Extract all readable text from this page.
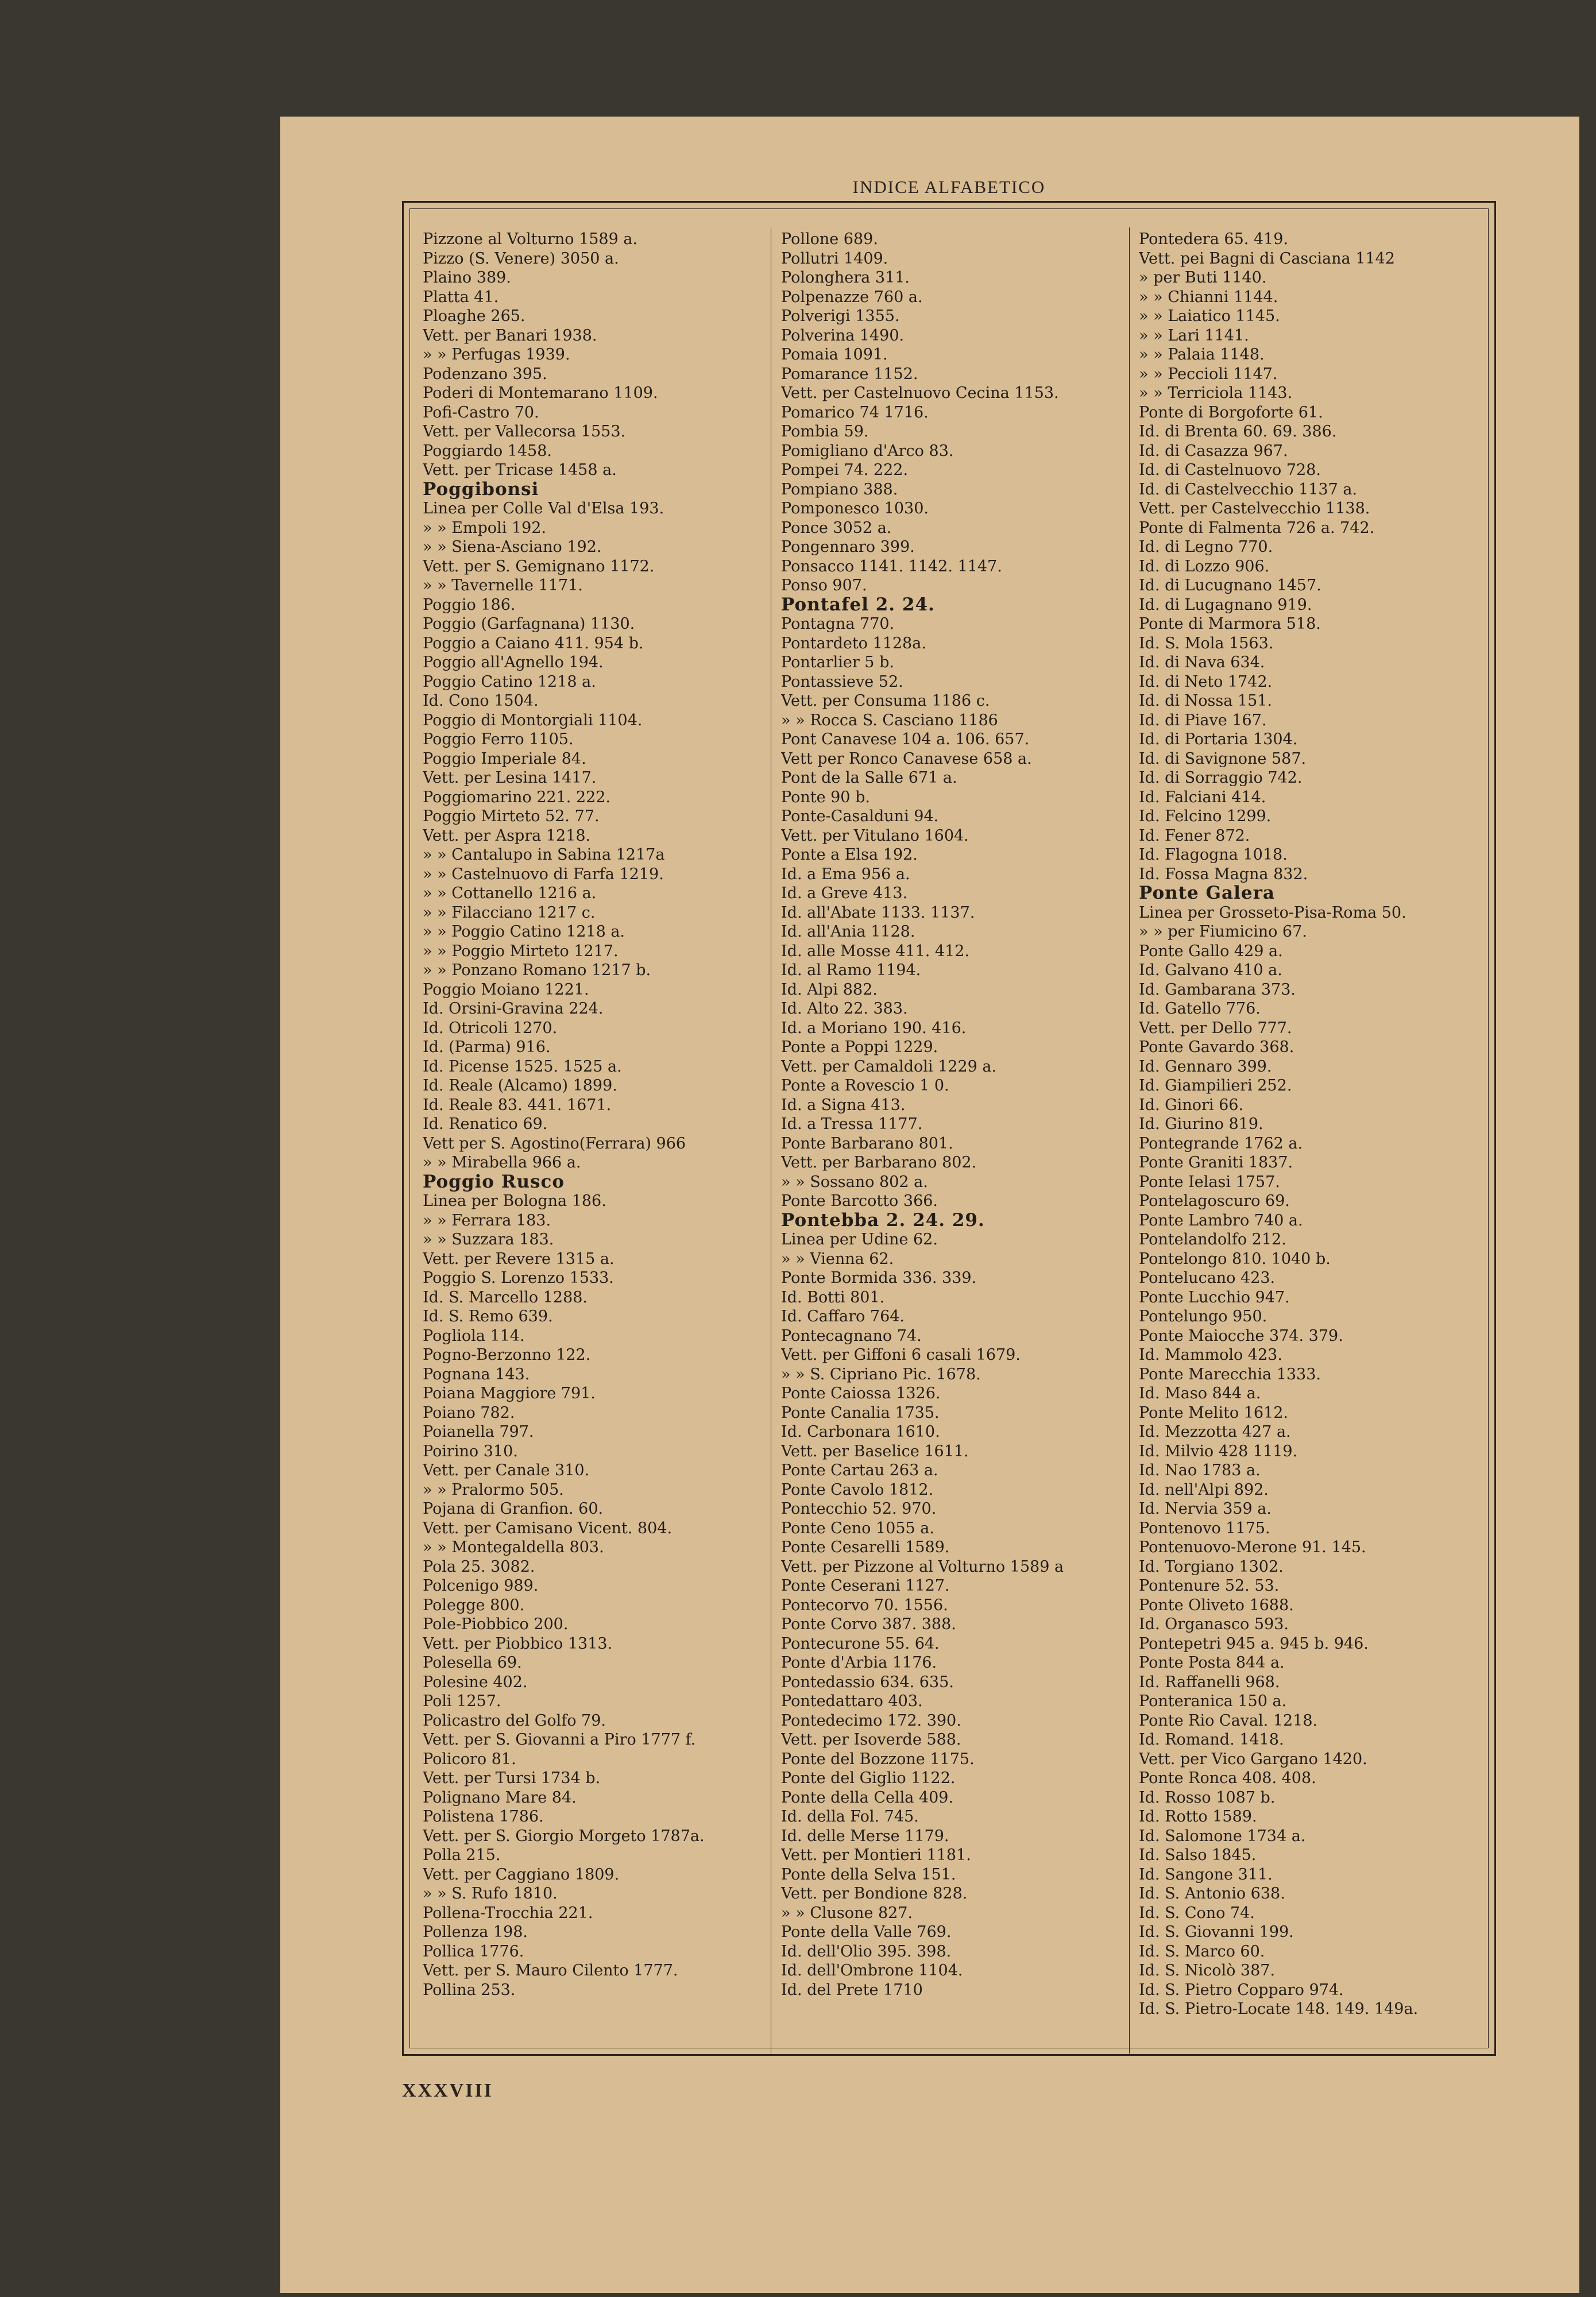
INDICE ALFABETICO
Pizzone al Volturno 1589 a.
Pizzo (S. Venere) 3050 a.
Plaino 389.
Platta 41.
Ploaghe 265.
Vett. per Banari 1938.
» » Perfugas 1939.
Podenzano 395.
Poderi di Montemarano 1109.
Pofi-Castro 70.
Vett. per Vallecorsa 1553.
Poggiardo 1458.
Vett. per Tricase 1458 a.
Poggibonsi
Linea per Colle Val d'Elsa 193.
» » Empoli 192.
» » Siena-Asciano 192.
Vett. per S. Gemignano 1172.
» » Tavernelle 1171.
Poggio 186.
Poggio (Garfagnana) 1130.
Poggio a Caiano 411. 954 b.
Poggio all'Agnello 194.
Poggio Catino 1218 a.
Id. Cono 1504.
Poggio di Montorgiali 1104.
Poggio Ferro 1105.
Poggio Imperiale 84.
Vett. per Lesina 1417.
Poggiomarino 221. 222.
Poggio Mirteto 52. 77.
Vett. per Aspra 1218.
» » Cantalupo in Sabina 1217a
» » Castelnuovo di Farfa 1219.
» » Cottanello 1216 a.
» » Filacciano 1217 c.
» » Poggio Catino 1218 a.
» » Poggio Mirteto 1217.
» » Ponzano Romano 1217 b.
Poggio Moiano 1221.
Id. Orsini-Gravina 224.
Id. Otricoli 1270.
Id. (Parma) 916.
Id. Picense 1525. 1525 a.
Id. Reale (Alcamo) 1899.
Id. Reale 83. 441. 1671.
Id. Renatico 69.
Vett per S. Agostino(Ferrara) 966
» » Mirabella 966 a.
Poggio Rusco
Linea per Bologna 186.
» » Ferrara 183.
» » Suzzara 183.
Vett. per Revere 1315 a.
Poggio S. Lorenzo 1533.
Id. S. Marcello 1288.
Id. S. Remo 639.
Pogliola 114.
Pogno-Berzonno 122.
Pognana 143.
Poiana Maggiore 791.
Poiano 782.
Poianella 797.
Poirino 310.
Vett. per Canale 310.
» » Pralormo 505.
Pojana di Granfion. 60.
Vett. per Camisano Vicent. 804.
» » Montegaldella 803.
Pola 25. 3082.
Polcenigo 989.
Polegge 800.
Pole-Piobbico 200.
Vett. per Piobbico 1313.
Polesella 69.
Polesine 402.
Poli 1257.
Policastro del Golfo 79.
Vett. per S. Giovanni a Piro 1777 f.
Policoro 81.
Vett. per Tursi 1734 b.
Polignano Mare 84.
Polistena 1786.
Vett. per S. Giorgio Morgeto 1787a.
Polla 215.
Vett. per Caggiano 1809.
» » S. Rufo 1810.
Pollena-Trocchia 221.
Pollenza 198.
Pollica 1776.
Vett. per S. Mauro Cilento 1777.
Pollina 253.
Pollone 689.
Pollutri 1409.
Polonghera 311.
Polpenazze 760 a.
Polverigi 1355.
Polverina 1490.
Pomaia 1091.
Pomarance 1152.
Vett. per Castelnuovo Cecina 1153.
Pomarico 74 1716.
Pombia 59.
Pomigliano d'Arco 83.
Pompei 74. 222.
Pompiano 388.
Pomponesco 1030.
Ponce 3052 a.
Pongennaro 399.
Ponsacco 1141. 1142. 1147.
Ponso 907.
Pontafel 2. 24.
Pontagna 770.
Pontardeto 1128a.
Pontarlier 5 b.
Pontassieve 52.
Vett. per Consuma 1186 c.
» » Rocca S. Casciano 1186
Pont Canavese 104 a. 106. 657.
Vett per Ronco Canavese 658 a.
Pont de la Salle 671 a.
Ponte 90 b.
Ponte-Casalduni 94.
Vett. per Vitulano 1604.
Ponte a Elsa 192.
Id. a Ema 956 a.
Id. a Greve 413.
Id. all'Abate 1133. 1137.
Id. all'Ania 1128.
Id. alle Mosse 411. 412.
Id. al Ramo 1194.
Id. Alpi 882.
Id. Alto 22. 383.
Id. a Moriano 190. 416.
Ponte a Poppi 1229.
Vett. per Camaldoli 1229 a.
Ponte a Rovescio 1 0.
Id. a Signa 413.
Id. a Tressa 1177.
Ponte Barbarano 801.
Vett. per Barbarano 802.
» » Sossano 802 a.
Ponte Barcotto 366.
Pontebba 2. 24. 29.
Linea per Udine 62.
» » Vienna 62.
Ponte Bormida 336. 339.
Id. Botti 801.
Id. Caffaro 764.
Pontecagnano 74.
Vett. per Giffoni 6 casali 1679.
» » S. Cipriano Pic. 1678.
Ponte Caiossa 1326.
Ponte Canalia 1735.
Id. Carbonara 1610.
Vett. per Baselice 1611.
Ponte Cartau 263 a.
Ponte Cavolo 1812.
Pontecchio 52. 970.
Ponte Ceno 1055 a.
Ponte Cesarelli 1589.
Vett. per Pizzone al Volturno 1589 a
Ponte Ceserani 1127.
Pontecorvo 70. 1556.
Ponte Corvo 387. 388.
Pontecurone 55. 64.
Ponte d'Arbia 1176.
Pontedassio 634. 635.
Pontedattaro 403.
Pontedecimo 172. 390.
Vett. per Isoverde 588.
Ponte del Bozzone 1175.
Ponte del Giglio 1122.
Ponte della Cella 409.
Id. della Fol. 745.
Id. delle Merse 1179.
Vett. per Montieri 1181.
Ponte della Selva 151.
Vett. per Bondione 828.
» » Clusone 827.
Ponte della Valle 769.
Id. dell'Olio 395. 398.
Id. dell'Ombrone 1104.
Id. del Prete 1710
Pontedera 65. 419.
Vett. pei Bagni di Casciana 1142
» per Buti 1140.
» » Chianni 1144.
» » Laiatico 1145.
» » Lari 1141.
» » Palaia 1148.
» » Peccioli 1147.
» » Terriciola 1143.
Ponte di Borgoforte 61.
Id. di Brenta 60. 69. 386.
Id. di Casazza 967.
Id. di Castelnuovo 728.
Id. di Castelvecchio 1137 a.
Vett. per Castelvecchio 1138.
Ponte di Falmenta 726 a. 742.
Id. di Legno 770.
Id. di Lozzo 906.
Id. di Lucugnano 1457.
Id. di Lugagnano 919.
Ponte di Marmora 518.
Id. S. Mola 1563.
Id. di Nava 634.
Id. di Neto 1742.
Id. di Nossa 151.
Id. di Piave 167.
Id. di Portaria 1304.
Id. di Savignone 587.
Id. di Sorraggio 742.
Id. Falciani 414.
Id. Felcino 1299.
Id. Fener 872.
Id. Flagogna 1018.
Id. Fossa Magna 832.
Ponte Galera
Linea per Grosseto-Pisa-Roma 50.
» » per Fiumicino 67.
Ponte Gallo 429 a.
Id. Galvano 410 a.
Id. Gambarana 373.
Id. Gatello 776.
Vett. per Dello 777.
Ponte Gavardo 368.
Id. Gennaro 399.
Id. Giampilieri 252.
Id. Ginori 66.
Id. Giurino 819.
Pontegrande 1762 a.
Ponte Graniti 1837.
Ponte Ielasi 1757.
Pontelagoscuro 69.
Ponte Lambro 740 a.
Pontelandolfo 212.
Pontelongo 810. 1040 b.
Pontelucano 423.
Ponte Lucchio 947.
Pontelungo 950.
Ponte Maiocche 374. 379.
Id. Mammolo 423.
Ponte Marecchia 1333.
Id. Maso 844 a.
Ponte Melito 1612.
Id. Mezzotta 427 a.
Id. Milvio 428 1119.
Id. Nao 1783 a.
Id. nell'Alpi 892.
Id. Nervia 359 a.
Pontenovo 1175.
Pontenuovo-Merone 91. 145.
Id. Torgiano 1302.
Pontenure 52. 53.
Ponte Oliveto 1688.
Id. Organasco 593.
Pontepetri 945 a. 945 b. 946.
Ponte Posta 844 a.
Id. Raffanelli 968.
Ponteranica 150 a.
Ponte Rio Caval. 1218.
Id. Romand. 1418.
Vett. per Vico Gargano 1420.
Ponte Ronca 408. 408.
Id. Rosso 1087 b.
Id. Rotto 1589.
Id. Salomone 1734 a.
Id. Salso 1845.
Id. Sangone 311.
Id. S. Antonio 638.
Id. S. Cono 74.
Id. S. Giovanni 199.
Id. S. Marco 60.
Id. S. Nicolò 387.
Id. S. Pietro Copparo 974.
Id. S. Pietro-Locate 148. 149. 149a.
XXXVIII
